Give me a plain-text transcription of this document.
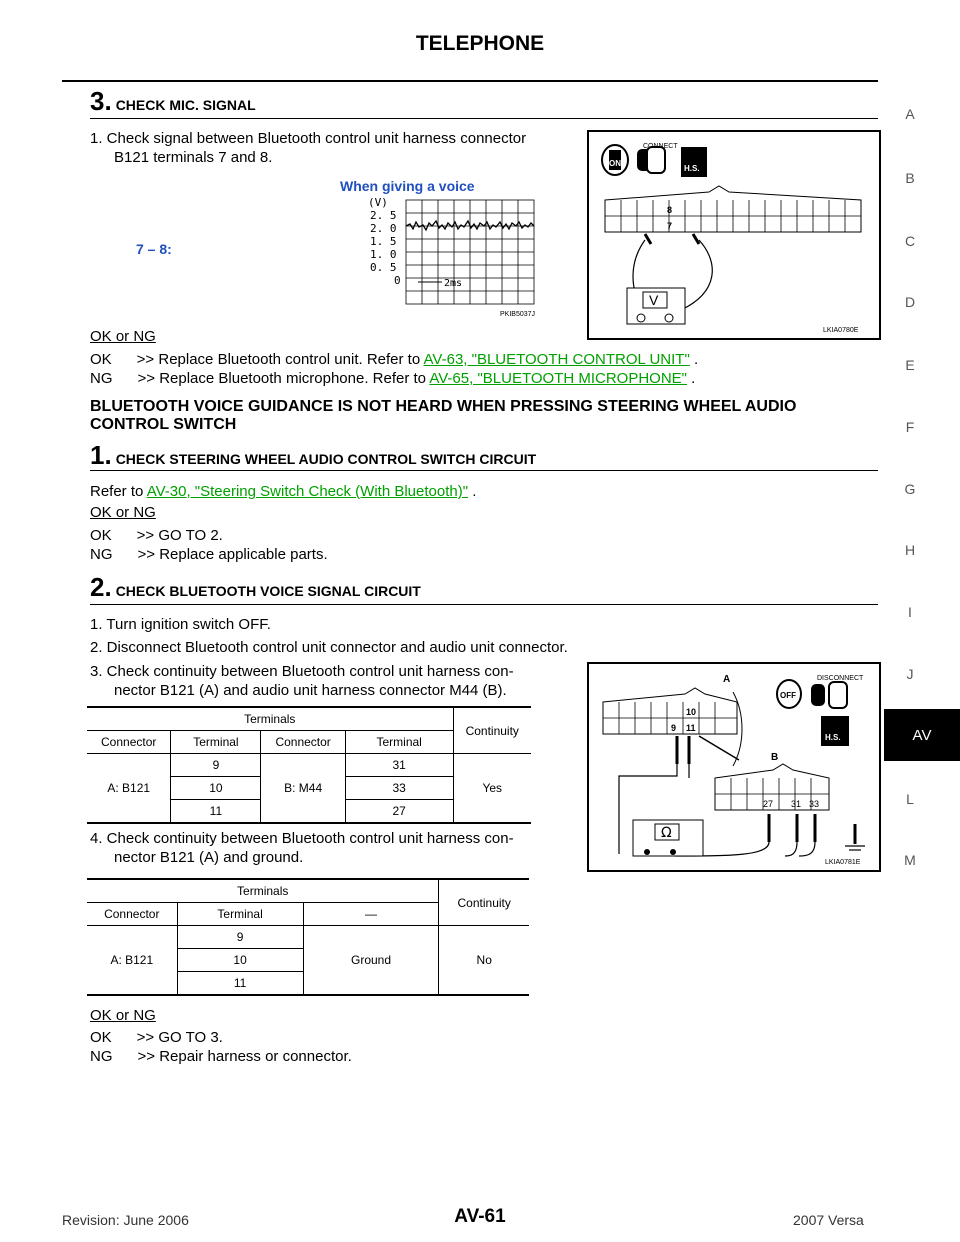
TELEPHONE
A
B
C
D
E
F
G
H
I
J
AV
L
M
3. CHECK MIC. SIGNAL
1. Check signal between Bluetooth control unit harness connector
B121 terminals 7 and 8.
When giving a voice
7 – 8:
(V)
2. 5
2. 0
1. 5
1. 0
0. 5
0	2ms
PKIB5037J
ON
CONNECT
H.S.
8
7
V
LKIA0780E
OK or NG
OK      >> Replace Bluetooth control unit. Refer to AV-63, "BLUETOOTH CONTROL UNIT" .
NG      >> Replace Bluetooth microphone. Refer to AV-65, "BLUETOOTH MICROPHONE" .
BLUETOOTH VOICE GUIDANCE IS NOT HEARD WHEN PRESSING STEERING WHEEL AUDIO
CONTROL SWITCH
1. CHECK STEERING WHEEL AUDIO CONTROL SWITCH CIRCUIT
Refer to AV-30, "Steering Switch Check (With Bluetooth)" .
OK or NG
OK      >> GO TO 2.
NG      >> Replace applicable parts.
2. CHECK BLUETOOTH VOICE SIGNAL CIRCUIT
1. Turn ignition switch OFF.
2. Disconnect Bluetooth control unit connector and audio unit connector.
3. Check continuity between Bluetooth control unit harness con-
nector B121 (A) and audio unit harness connector M44 (B).
Terminals				Continuity
Connector	Terminal	Connector	Terminal	
A: B121	9	B: M44	31	Yes
	10		33	
	11		27	
A
10
9 11
OFF
DISCONNECT
H.S.
B
27 31 33
Ω
LKIA0781E
4. Check continuity between Bluetooth control unit harness con-
nector B121 (A) and ground.
Terminals			Continuity
Connector	Terminal	—	
A: B121	9	Ground	No
	10		
	11		
OK or NG
OK      >> GO TO 3.
NG      >> Repair harness or connector.
Revision: June 2006	AV-61	2007 Versa
